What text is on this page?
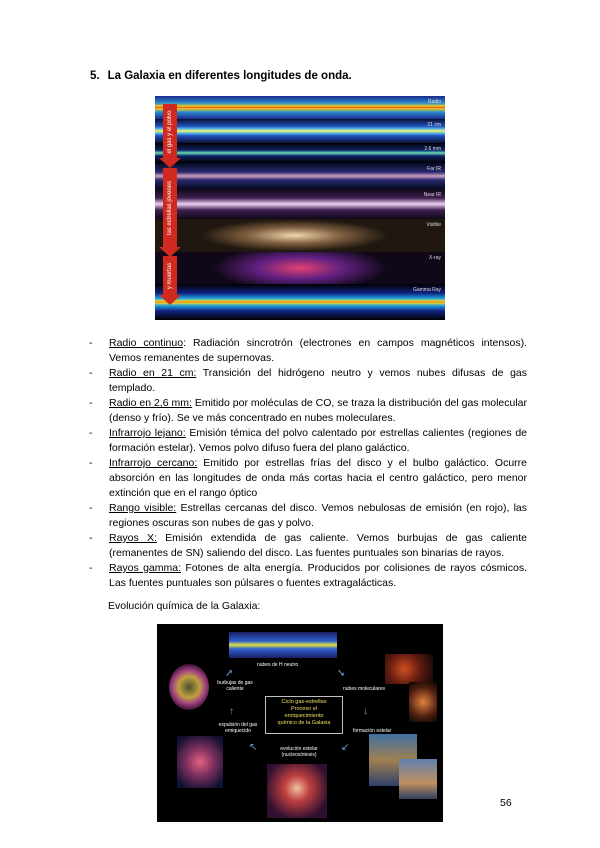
5. La Galaxia en diferentes longitudes de onda.
Radio
21 cm
2.6 mm
Far IR
Near IR
Visible
X-ray
Gamma Ray
el gas y el polvo
las estrellas jóvenes
y muertas
- Radio continuo: Radiación sincrotrón (electrones en campos magnéticos intensos). Vemos remanentes de supernovas.
- Radio en 21 cm: Transición del hidrógeno neutro y vemos nubes difusas de gas templado.
- Radio en 2,6 mm: Emitido por moléculas de CO, se traza la distribución del gas molecular (denso y frío). Se ve más concentrado en nubes moleculares.
- Infrarrojo lejano: Emisión témica del polvo calentado por estrellas calientes (regiones de formación estelar). Vemos polvo difuso fuera del plano galáctico.
- Infrarrojo cercano: Emitido por estrellas frías del disco y el bulbo galáctico. Ocurre absorción en las longitudes de onda más cortas hacia el centro galáctico, pero menor extinción que en el rango óptico
- Rango visible: Estrellas cercanas del disco. Vemos nebulosas de emisión (en rojo), las regiones oscuras son nubes de gas y polvo.
- Rayos X: Emisión extendida de gas caliente. Vemos burbujas de gas caliente (remanentes de SN) saliendo del disco. Las fuentes puntuales son binarias de rayos.
- Rayos gamma: Fotones de alta energía. Producidos por colisiones de rayos cósmicos. Las fuentes puntuales son púlsares o fuentes extragalácticas.
Evolución química de la Galaxia:
nubes de H neutro
nubes moleculares
burbujas de gas
caliente
Ciclo gas-estrellas
Proceso el
enriquecimiento
químico de la Galaxia
expulsión del gas
enriquecido	formación estelar
evolución estelar
(nucleosíntesis)
➘
↓
↙
↖
↑
➚
56
